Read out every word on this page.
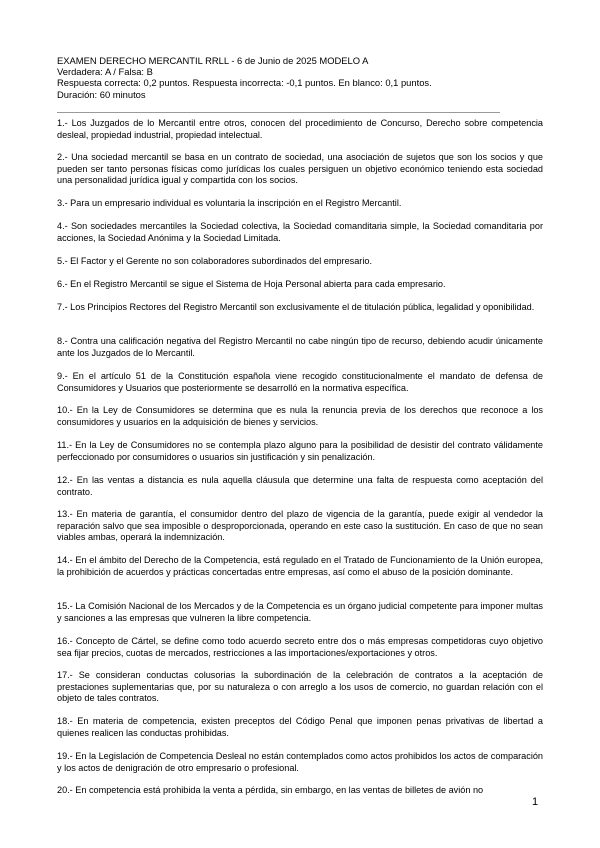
EXAMEN DERECHO MERCANTIL RRLL - 6 de Junio de 2025 MODELO A
Verdadera: A / Falsa: B
Respuesta correcta: 0,2 puntos. Respuesta incorrecta: -0,1 puntos. En blanco: 0,1 puntos.
Duración: 60 minutos

1.- Los Juzgados de lo Mercantil entre otros, conocen del procedimiento de Concurso, Derecho sobre competencia desleal, propiedad industrial, propiedad intelectual.

2.- Una sociedad mercantil se basa en un contrato de sociedad, una asociación de sujetos que son los socios y que pueden ser tanto personas físicas como jurídicas los cuales persiguen un objetivo económico teniendo esta sociedad una personalidad jurídica igual y compartida con los socios.

3.- Para un empresario individual es voluntaria la inscripción en el Registro Mercantil.

4.- Son sociedades mercantiles la Sociedad colectiva, la Sociedad comanditaria simple, la Sociedad comanditaria por acciones, la Sociedad Anónima y la Sociedad Limitada.

5.- El Factor y el Gerente no son colaboradores subordinados del empresario.

6.- En el Registro Mercantil se sigue el Sistema de Hoja Personal abierta para cada empresario.

7.- Los Principios Rectores del Registro Mercantil son exclusivamente el de titulación pública, legalidad y oponibilidad.

8.- Contra una calificación negativa del Registro Mercantil no cabe ningún tipo de recurso, debiendo acudir únicamente ante los Juzgados de lo Mercantil.

9.- En el artículo 51 de la Constitución española viene recogido constitucionalmente el mandato de defensa de Consumidores y Usuarios que posteriormente se desarrolló en la normativa específica.

10.- En la Ley de Consumidores se determina que es nula la renuncia previa de los derechos que reconoce a los consumidores y usuarios en la adquisición de bienes y servicios.

11.- En la Ley de Consumidores no se contempla plazo alguno para la posibilidad de desistir del contrato válidamente perfeccionado por consumidores o usuarios sin justificación y sin penalización.

12.- En las ventas a distancia es nula aquella cláusula que determine una falta de respuesta como aceptación del contrato.

13.- En materia de garantía, el consumidor dentro del plazo de vigencia de la garantía, puede exigir al vendedor la reparación salvo que sea imposible o desproporcionada, operando en este caso la sustitución. En caso de que no sean viables ambas, operará la indemnización.

14.- En el ámbito del Derecho de la Competencia, está regulado en el Tratado de Funcionamiento de la Unión europea, la prohibición de acuerdos y prácticas concertadas entre empresas, así como el abuso de la posición dominante.

15.- La Comisión Nacional de los Mercados y de la Competencia es un órgano judicial competente para imponer multas y sanciones a las empresas que vulneren la libre competencia.

16.- Concepto de Cártel, se define como todo acuerdo secreto entre dos o más empresas competidoras cuyo objetivo sea fijar precios, cuotas de mercados, restricciones a las importaciones/exportaciones y otros.

17.- Se consideran conductas colusorias la subordinación de la celebración de contratos a la aceptación de prestaciones suplementarias que, por su naturaleza o con arreglo a los usos de comercio, no guardan relación con el objeto de tales contratos.

18.- En materia de competencia, existen preceptos del Código Penal que imponen penas privativas de libertad a quienes realicen las conductas prohibidas.

19.- En la Legislación de Competencia Desleal no están contemplados como actos prohibidos los actos de comparación y los actos de denigración de otro empresario o profesional.

20.- En competencia está prohibida la venta a pérdida, sin embargo, en las ventas de billetes de avión no

1
